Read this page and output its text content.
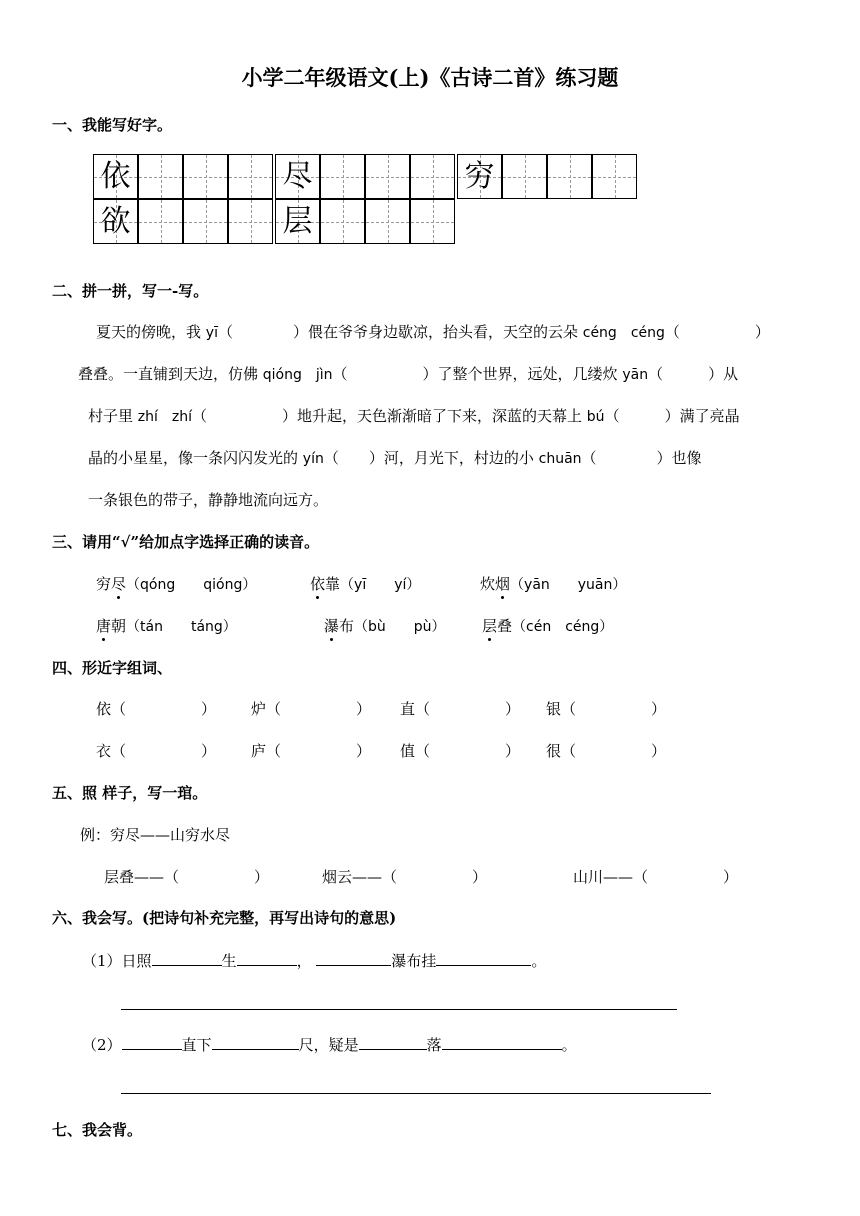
小学二年级语文(上)《古诗二首》练习题
一、我能写好字。
依	尽	穷
欲	层
二、拼一拼，写一-写。
夏天的傍晚，我 yī（　　　　）偎在爷爷身边歇凉，抬头看，天空的云朵 céng　céng（　　　　　）
叠叠。一直铺到天边，仿佛 qióng　jìn（　　　　　）了整个世界，远处，几缕炊 yān（　　　）从
村子里 zhí　zhí（　　　　　）地升起，天色渐渐暗了下来，深蓝的天幕上 bú（　　　）满了亮晶
晶的小星星，像一条闪闪发光的 yín（　　）河，月光下，村边的小 chuān（　　　　）也像
一条银色的带子，静静地流向远方。
三、请用“√”给加点字选择正确的读音。
穷尽（qóng　　qióng）	依靠（yī　　yí）	炊烟（yān　　yuān）
唐朝（tán　　táng）	瀑布（bù　　pù） 层叠（cén　céng）
四、形近字组词、
依（　　　　　） 炉（　　　　　） 直（　　　　　） 银（　　　　　）
衣（　　　　　） 庐（　　　　　） 值（　　　　　） 很（　　　　　）
五、照 样子，写一琯。
例：穷尽——山穷水尽
层叠——（　　　　　）	烟云——（　　　　　）	山川——（　　　　　）
六、我会写。(把诗句补充完整，再写出诗句的意思)
（1）日照	生	，	瀑布挂	。
（2）	直下	尺，疑是	落	。
七、我会背。
